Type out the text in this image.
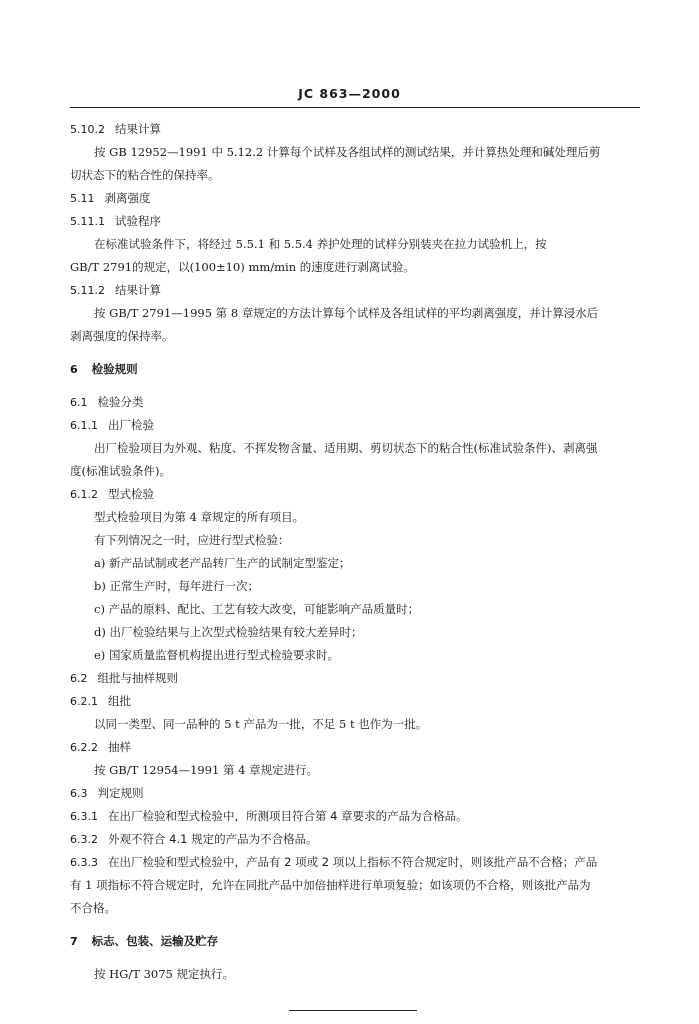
JC 863—2000
5.10.2 结果计算
按 GB 12952—1991 中 5.12.2 计算每个试样及各组试样的测试结果，并计算热处理和碱处理后剪
切状态下的粘合性的保持率。
5.11 剥离强度
5.11.1 试验程序
在标准试验条件下，将经过 5.5.1 和 5.5.4 养护处理的试样分别装夹在拉力试验机上，按
GB/T 2791的规定，以(100±10) mm/min 的速度进行剥离试验。
5.11.2 结果计算
按 GB/T 2791—1995 第 8 章规定的方法计算每个试样及各组试样的平均剥离强度，并计算浸水后
剥离强度的保持率。
6 检验规则
6.1 检验分类
6.1.1 出厂检验
出厂检验项目为外观、粘度、不挥发物含量、适用期、剪切状态下的粘合性(标准试验条件)、剥离强
度(标准试验条件)。
6.1.2 型式检验
型式检验项目为第 4 章规定的所有项目。
有下列情况之一时，应进行型式检验：
a) 新产品试制或老产品转厂生产的试制定型鉴定；
b) 正常生产时，每年进行一次；
c) 产品的原料、配比、工艺有较大改变，可能影响产品质量时；
d) 出厂检验结果与上次型式检验结果有较大差异时；
e) 国家质量监督机构提出进行型式检验要求时。
6.2 组批与抽样规则
6.2.1 组批
以同一类型、同一品种的 5 t 产品为一批，不足 5 t 也作为一批。
6.2.2 抽样
按 GB/T 12954—1991 第 4 章规定进行。
6.3 判定规则
6.3.1 在出厂检验和型式检验中，所测项目符合第 4 章要求的产品为合格品。
6.3.2 外观不符合 4.1 规定的产品为不合格品。
6.3.3 在出厂检验和型式检验中，产品有 2 项或 2 项以上指标不符合规定时，则该批产品不合格；产品
有 1 项指标不符合规定时，允许在同批产品中加倍抽样进行单项复验；如该项仍不合格，则该批产品为
不合格。
7 标志、包装、运输及贮存
按 HG/T 3075 规定执行。
